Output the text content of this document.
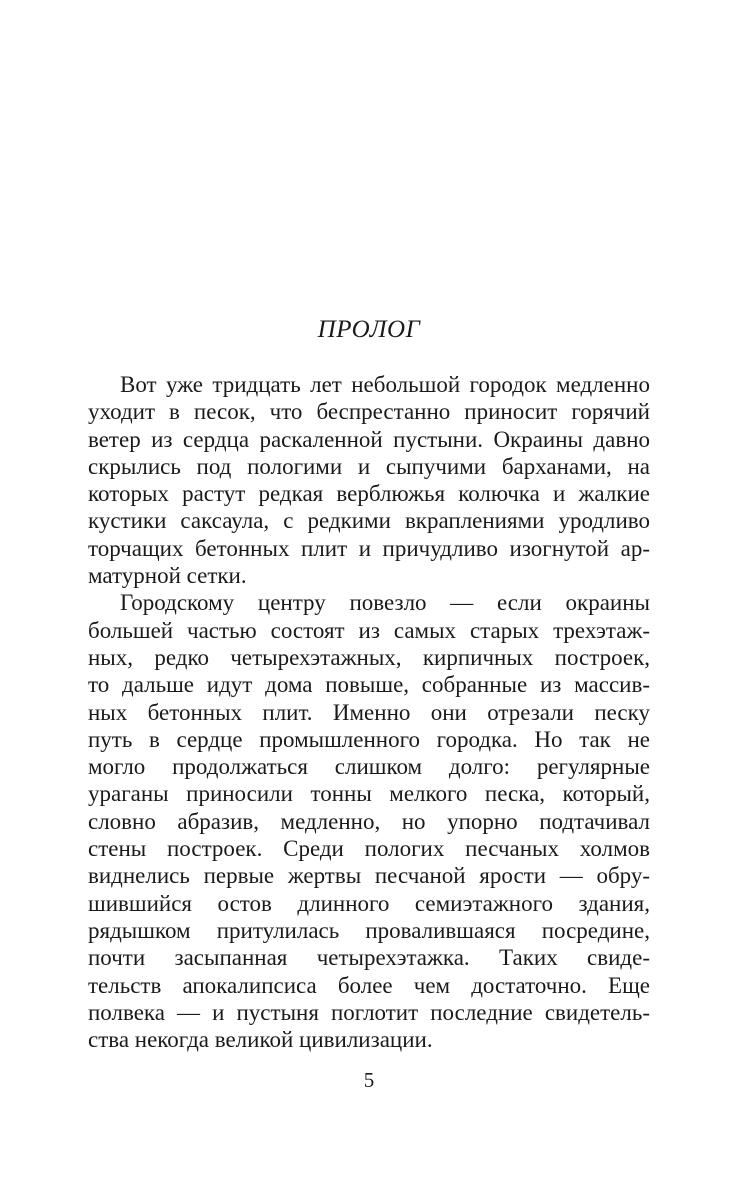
ПРОЛОГ
Вот уже тридцать лет небольшой городок медленно
уходит в песок, что беспрестанно приносит горячий
ветер из сердца раскаленной пустыни. Окраины давно
скрылись под пологими и сыпучими барханами, на
которых растут редкая верблюжья колючка и жалкие
кустики саксаула, с редкими вкраплениями уродливо
торчащих бетонных плит и причудливо изогнутой ар-
матурной сетки.
Городскому центру повезло — если окраины
большей частью состоят из самых старых трехэтаж-
ных, редко четырехэтажных, кирпичных построек,
то дальше идут дома повыше, собранные из массив-
ных бетонных плит. Именно они отрезали песку
путь в сердце промышленного городка. Но так не
могло продолжаться слишком долго: регулярные
ураганы приносили тонны мелкого песка, который,
словно абразив, медленно, но упорно подтачивал
стены построек. Среди пологих песчаных холмов
виднелись первые жертвы песчаной ярости — обру-
шившийся остов длинного семиэтажного здания,
рядышком притулилась провалившаяся посредине,
почти засыпанная четырехэтажка. Таких свиде-
тельств апокалипсиса более чем достаточно. Еще
полвека — и пустыня поглотит последние свидетель-
ства некогда великой цивилизации.
5
